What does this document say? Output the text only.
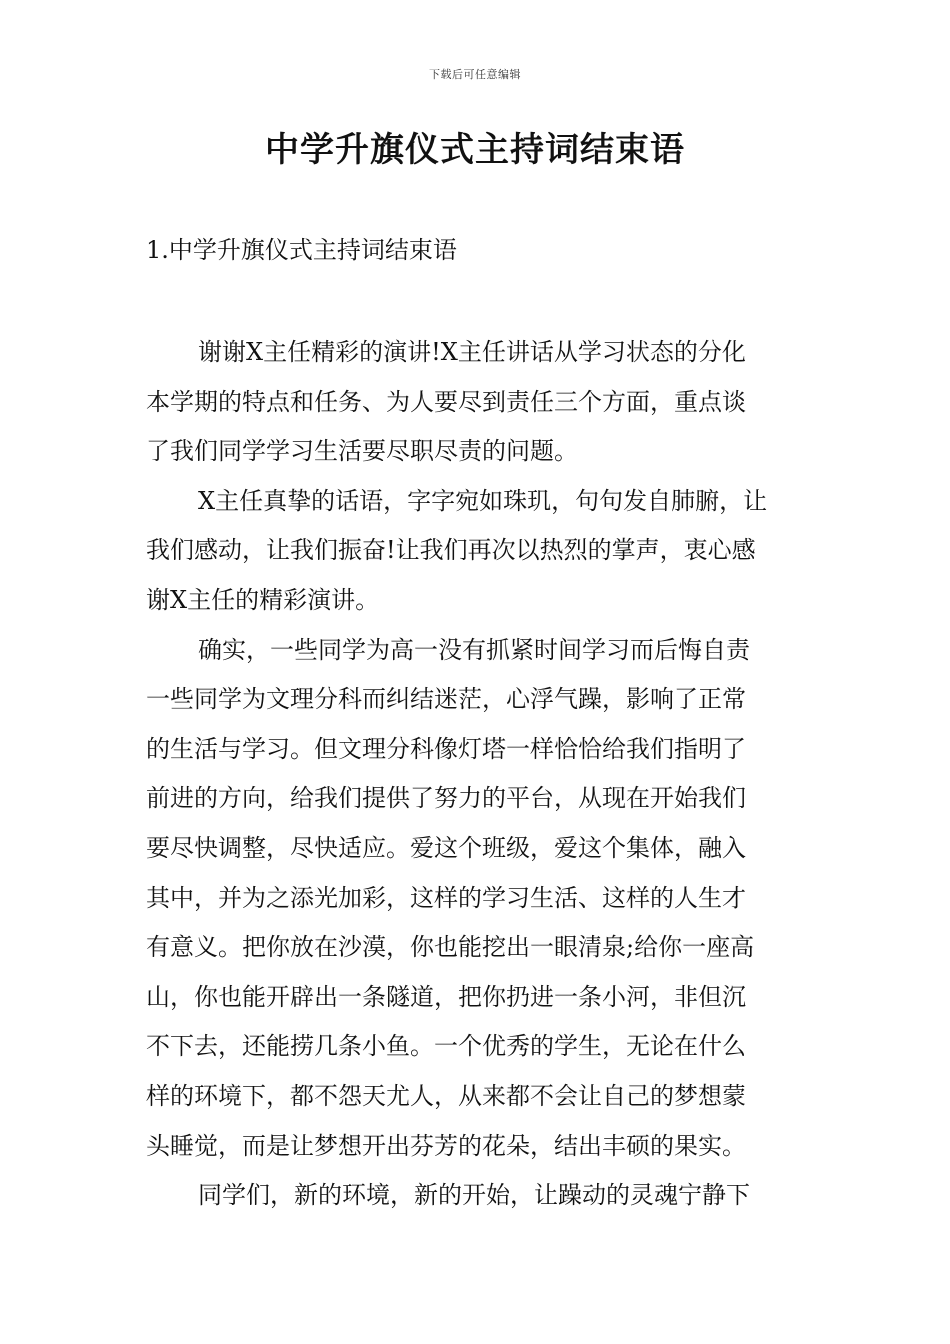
下载后可任意编辑
中学升旗仪式主持词结束语
1.中学升旗仪式主持词结束语

谢谢X主任精彩的演讲!X主任讲话从学习状态的分化
本学期的特点和任务、为人要尽到责任三个方面，重点谈
了我们同学学习生活要尽职尽责的问题。

X主任真挚的话语，字字宛如珠玑，句句发自肺腑，让
我们感动，让我们振奋!让我们再次以热烈的掌声，衷心感
谢X主任的精彩演讲。

确实，一些同学为高一没有抓紧时间学习而后悔自责
一些同学为文理分科而纠结迷茫，心浮气躁，影响了正常
的生活与学习。但文理分科像灯塔一样恰恰给我们指明了
前进的方向，给我们提供了努力的平台，从现在开始我们
要尽快调整，尽快适应。爱这个班级，爱这个集体，融入
其中，并为之添光加彩，这样的学习生活、这样的人生才
有意义。把你放在沙漠，你也能挖出一眼清泉;给你一座高
山，你也能开辟出一条隧道，把你扔进一条小河，非但沉
不下去，还能捞几条小鱼。一个优秀的学生，无论在什么
样的环境下，都不怨天尤人，从来都不会让自己的梦想蒙
头睡觉，而是让梦想开出芬芳的花朵，结出丰硕的果实。

同学们，新的环境，新的开始，让躁动的灵魂宁静下
